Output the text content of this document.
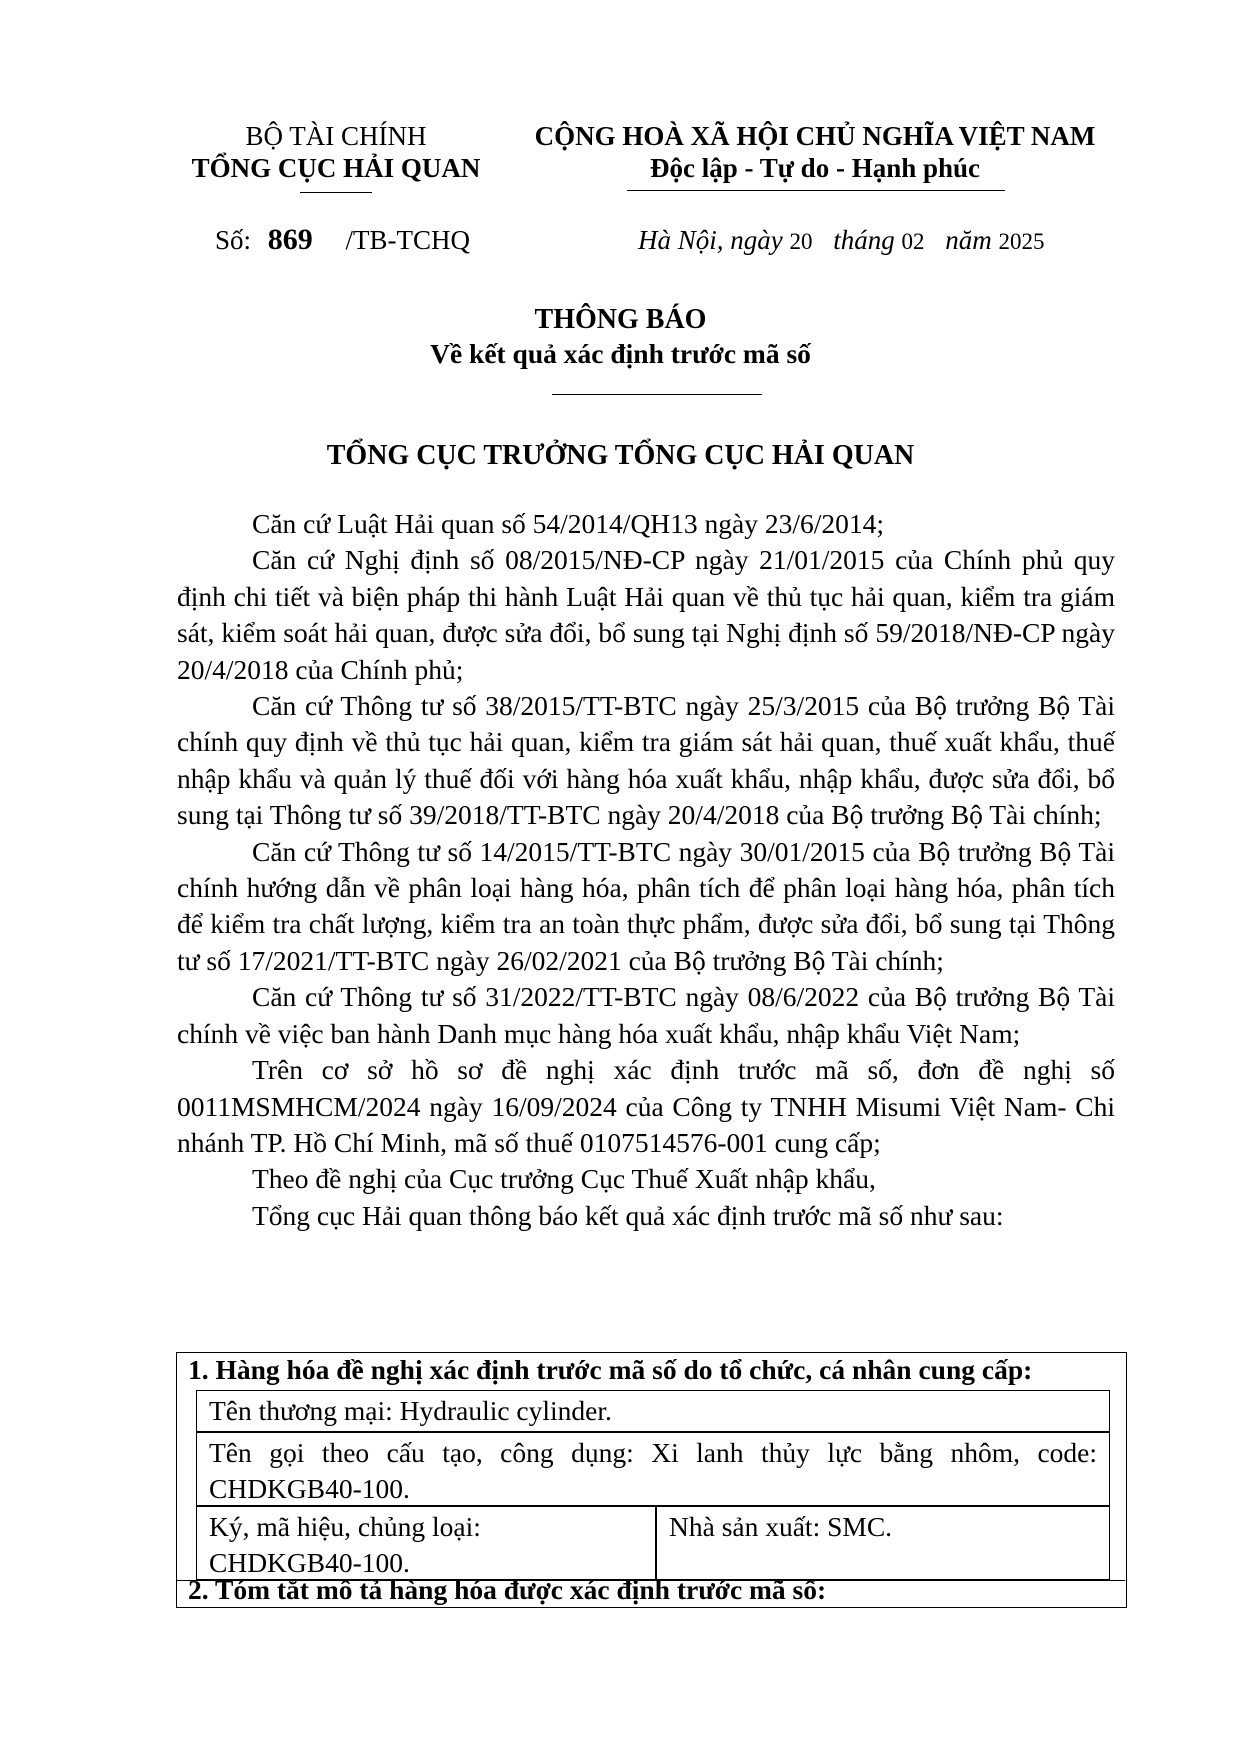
BỘ TÀI CHÍNH
TỔNG CỤC HẢI QUAN
CỘNG HOÀ XÃ HỘI CHỦ NGHĨA VIỆT NAM
Độc lập - Tự do - Hạnh phúc
Số: 869 /TB-TCHQ	Hà Nội, ngày 20 tháng 02 năm 2025
THÔNG BÁO
Về kết quả xác định trước mã số
TỔNG CỤC TRƯỞNG TỔNG CỤC HẢI QUAN

Căn cứ Luật Hải quan số 54/2014/QH13 ngày 23/6/2014;

Căn cứ Nghị định số 08/2015/NĐ-CP ngày 21/01/2015 của Chính phủ quy định chi tiết và biện pháp thi hành Luật Hải quan về thủ tục hải quan, kiểm tra giám sát, kiểm soát hải quan, được sửa đổi, bổ sung tại Nghị định số 59/2018/NĐ-CP ngày 20/4/2018 của Chính phủ;

Căn cứ Thông tư số 38/2015/TT-BTC ngày 25/3/2015 của Bộ trưởng Bộ Tài chính quy định về thủ tục hải quan, kiểm tra giám sát hải quan, thuế xuất khẩu, thuế nhập khẩu và quản lý thuế đối với hàng hóa xuất khẩu, nhập khẩu, được sửa đổi, bổ sung tại Thông tư số 39/2018/TT-BTC ngày 20/4/2018 của Bộ trưởng Bộ Tài chính;

Căn cứ Thông tư số 14/2015/TT-BTC ngày 30/01/2015 của Bộ trưởng Bộ Tài chính hướng dẫn về phân loại hàng hóa, phân tích để phân loại hàng hóa, phân tích để kiểm tra chất lượng, kiểm tra an toàn thực phẩm, được sửa đổi, bổ sung tại Thông tư số 17/2021/TT-BTC ngày 26/02/2021 của Bộ trưởng Bộ Tài chính;

Căn cứ Thông tư số 31/2022/TT-BTC ngày 08/6/2022 của Bộ trưởng Bộ Tài chính về việc ban hành Danh mục hàng hóa xuất khẩu, nhập khẩu Việt Nam;

Trên cơ sở hồ sơ đề nghị xác định trước mã số, đơn đề nghị số 0011MSMHCM/2024 ngày 16/09/2024 của Công ty TNHH Misumi Việt Nam- Chi nhánh TP. Hồ Chí Minh, mã số thuế 0107514576-001 cung cấp;

Theo đề nghị của Cục trưởng Cục Thuế Xuất nhập khẩu,

Tổng cục Hải quan thông báo kết quả xác định trước mã số như sau:

1. Hàng hóa đề nghị xác định trước mã số do tổ chức, cá nhân cung cấp:
Tên thương mại: Hydraulic cylinder.
Tên gọi theo cấu tạo, công dụng: Xi lanh thủy lực bằng nhôm, code: CHDKGB40-100.
Ký, mã hiệu, chủng loại:
CHDKGB40-100.
Nhà sản xuất: SMC.
2. Tóm tắt mô tả hàng hóa được xác định trước mã số:
